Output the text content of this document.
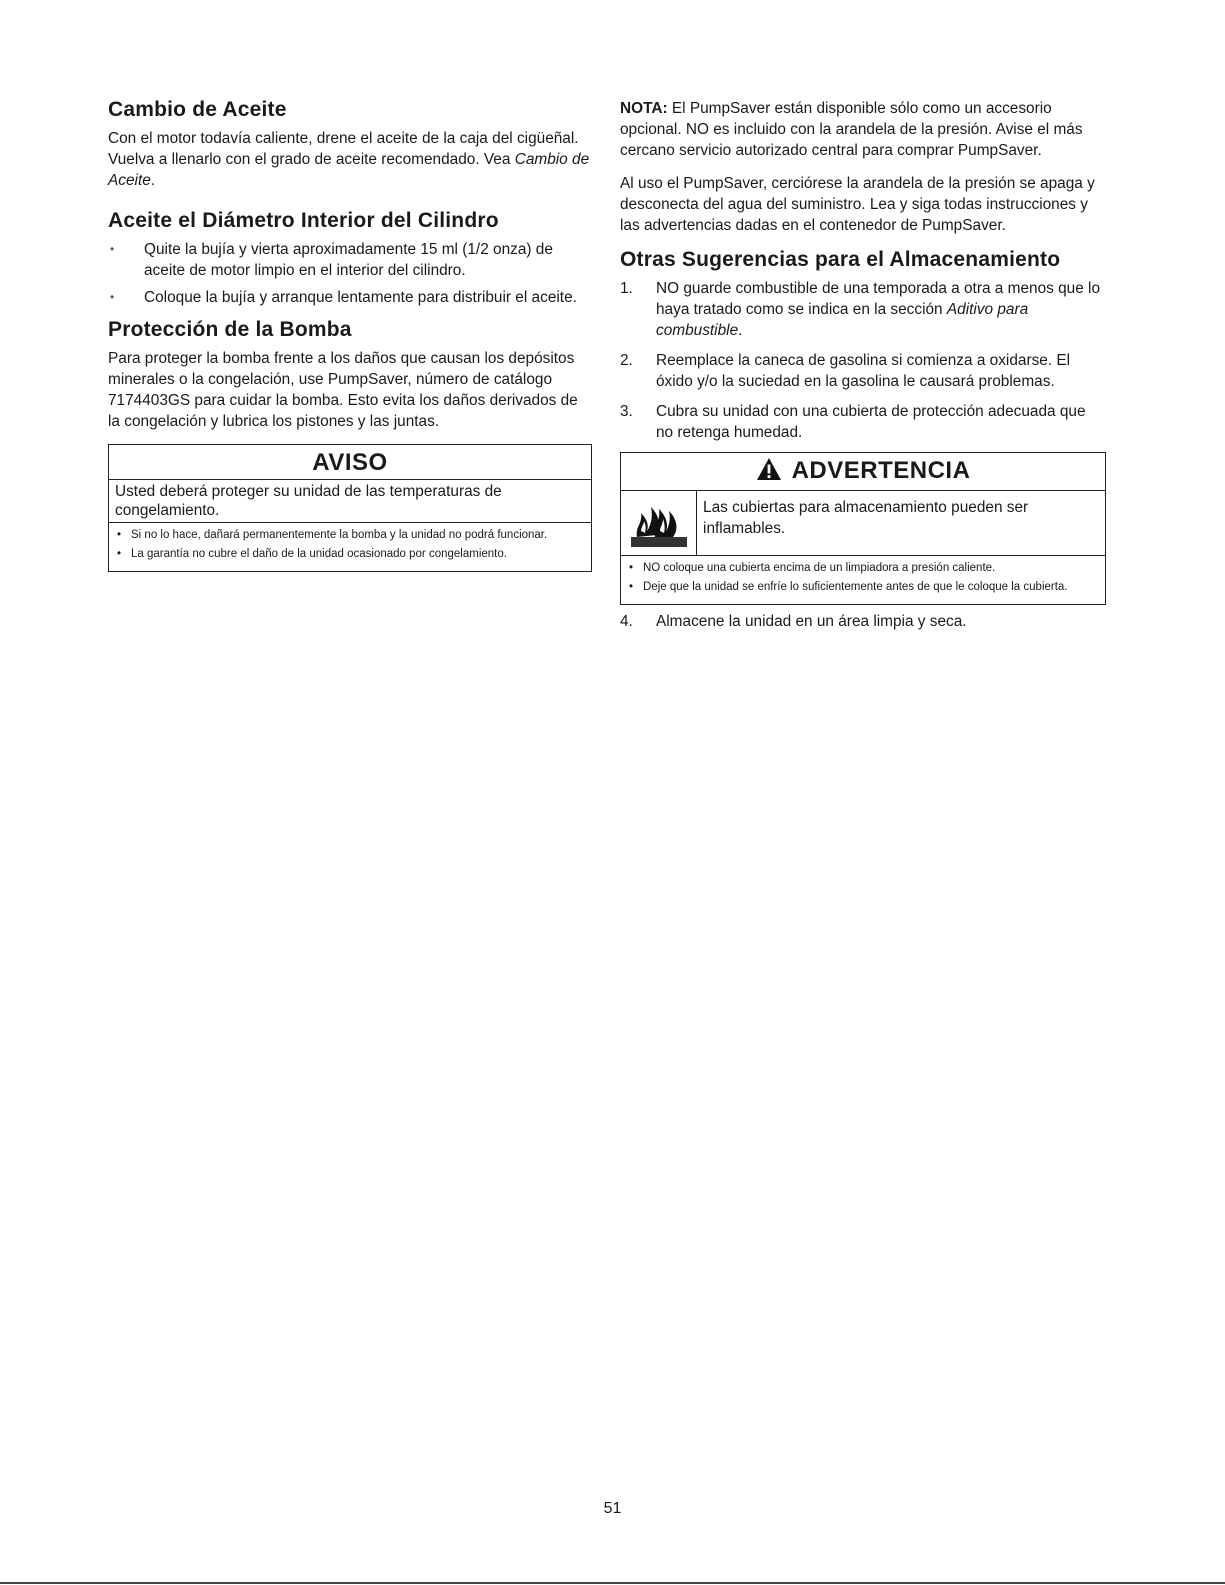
Cambio de Aceite

Con el motor todavía caliente, drene el aceite de la caja del cigüeñal. Vuelva a llenarlo con el grado de aceite recomendado. Vea Cambio de Aceite.

Aceite el Diámetro Interior del Cilindro
• Quite la bujía y vierta aproximadamente 15 ml (1/2 onza) de aceite de motor limpio en el interior del cilindro.
• Coloque la bujía y arranque lentamente para distribuir el aceite.
Protección de la Bomba

Para proteger la bomba frente a los daños que causan los depósitos minerales o la congelación, use PumpSaver, número de catálogo 7174403GS para cuidar la bomba. Esto evita los daños derivados de la congelación y lubrica los pistones y las juntas.

AVISO
Usted deberá proteger su unidad de las temperaturas de congelamiento.
• Si no lo hace, dañará permanentemente la bomba y la unidad no podrá funcionar.
• La garantía no cubre el daño de la unidad ocasionado por congelamiento.

NOTA: El PumpSaver están disponible sólo como un accesorio opcional. NO es incluido con la arandela de la presión. Avise el más cercano servicio autorizado central para comprar PumpSaver.

Al uso el PumpSaver, cerciórese la arandela de la presión se apaga y desconecta del agua del suministro. Lea y siga todas instrucciones y las advertencias dadas en el contenedor de PumpSaver.

Otras Sugerencias para el Almacenamiento
1. NO guarde combustible de una temporada a otra a menos que lo haya tratado como se indica en la sección Aditivo para combustible.
2. Reemplace la caneca de gasolina si comienza a oxidarse. El óxido y/o la suciedad en la gasolina le causará problemas.
3. Cubra su unidad con una cubierta de protección adecuada que no retenga humedad.
ADVERTENCIA
Las cubiertas para almacenamiento pueden ser inflamables.
• NO coloque una cubierta encima de un limpiadora a presión caliente.
• Deje que la unidad se enfríe lo suficientemente antes de que le coloque la cubierta.
4. Almacene la unidad en un área limpia y seca.
51
